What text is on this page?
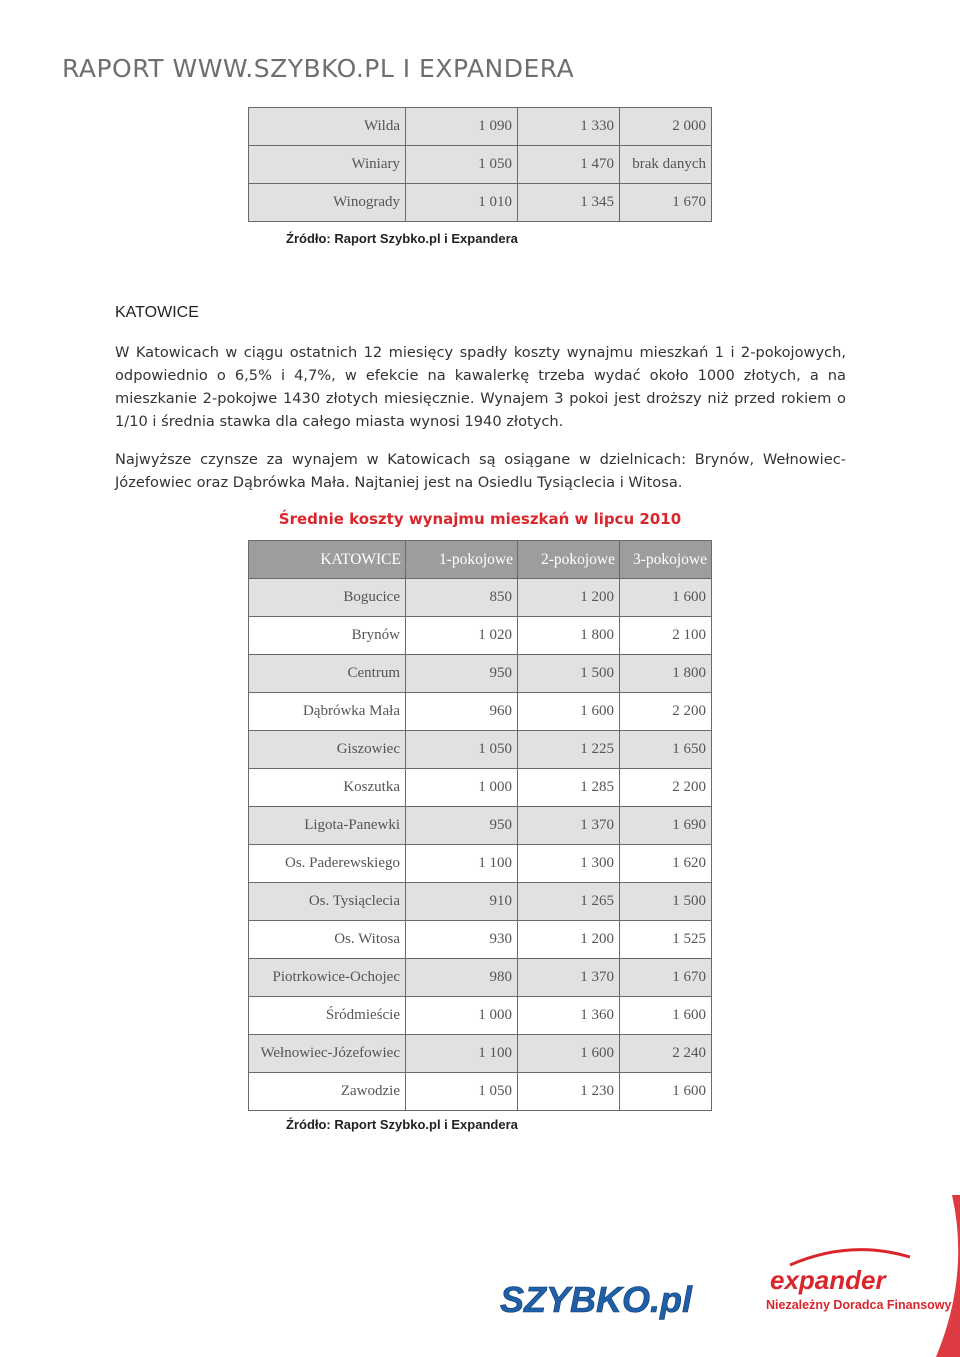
RAPORT WWW.SZYBKO.PL I EXPANDERA
Wilda	1 090	1 330	2 000
Winiary	1 050	1 470	brak danych
Winogrady	1 010	1 345	1 670
Źródło: Raport Szybko.pl i Expandera
KATOWICE

W Katowicach w ciągu ostatnich 12 miesięcy spadły koszty wynajmu mieszkań 1 i 2-pokojowych, odpowiednio o 6,5% i 4,7%, w efekcie na kawalerkę trzeba wydać około 1000 złotych, a na mieszkanie 2-pokojwe 1430 złotych miesięcznie. Wynajem 3 pokoi jest droższy niż przed rokiem o 1/10 i średnia stawka dla całego miasta wynosi 1940 złotych.

Najwyższe czynsze za wynajem w Katowicach są osiągane w dzielnicach: Brynów, Wełnowiec-Józefowiec oraz Dąbrówka Mała. Najtaniej jest na Osiedlu Tysiąclecia i Witosa.

Średnie koszty wynajmu mieszkań w lipcu 2010
KATOWICE	1-pokojowe	2-pokojowe	3-pokojowe
Bogucice	850	1 200	1 600
Brynów	1 020	1 800	2 100
Centrum	950	1 500	1 800
Dąbrówka Mała	960	1 600	2 200
Giszowiec	1 050	1 225	1 650
Koszutka	1 000	1 285	2 200
Ligota-Panewki	950	1 370	1 690
Os. Paderewskiego	1 100	1 300	1 620
Os. Tysiąclecia	910	1 265	1 500
Os. Witosa	930	1 200	1 525
Piotrkowice-Ochojec	980	1 370	1 670
Śródmieście	1 000	1 360	1 600
Wełnowiec-Józefowiec	1 100	1 600	2 240
Zawodzie	1 050	1 230	1 600
Źródło: Raport Szybko.pl i Expandera
SZYBKO.pl	expander
Niezależny Doradca Finansowy
